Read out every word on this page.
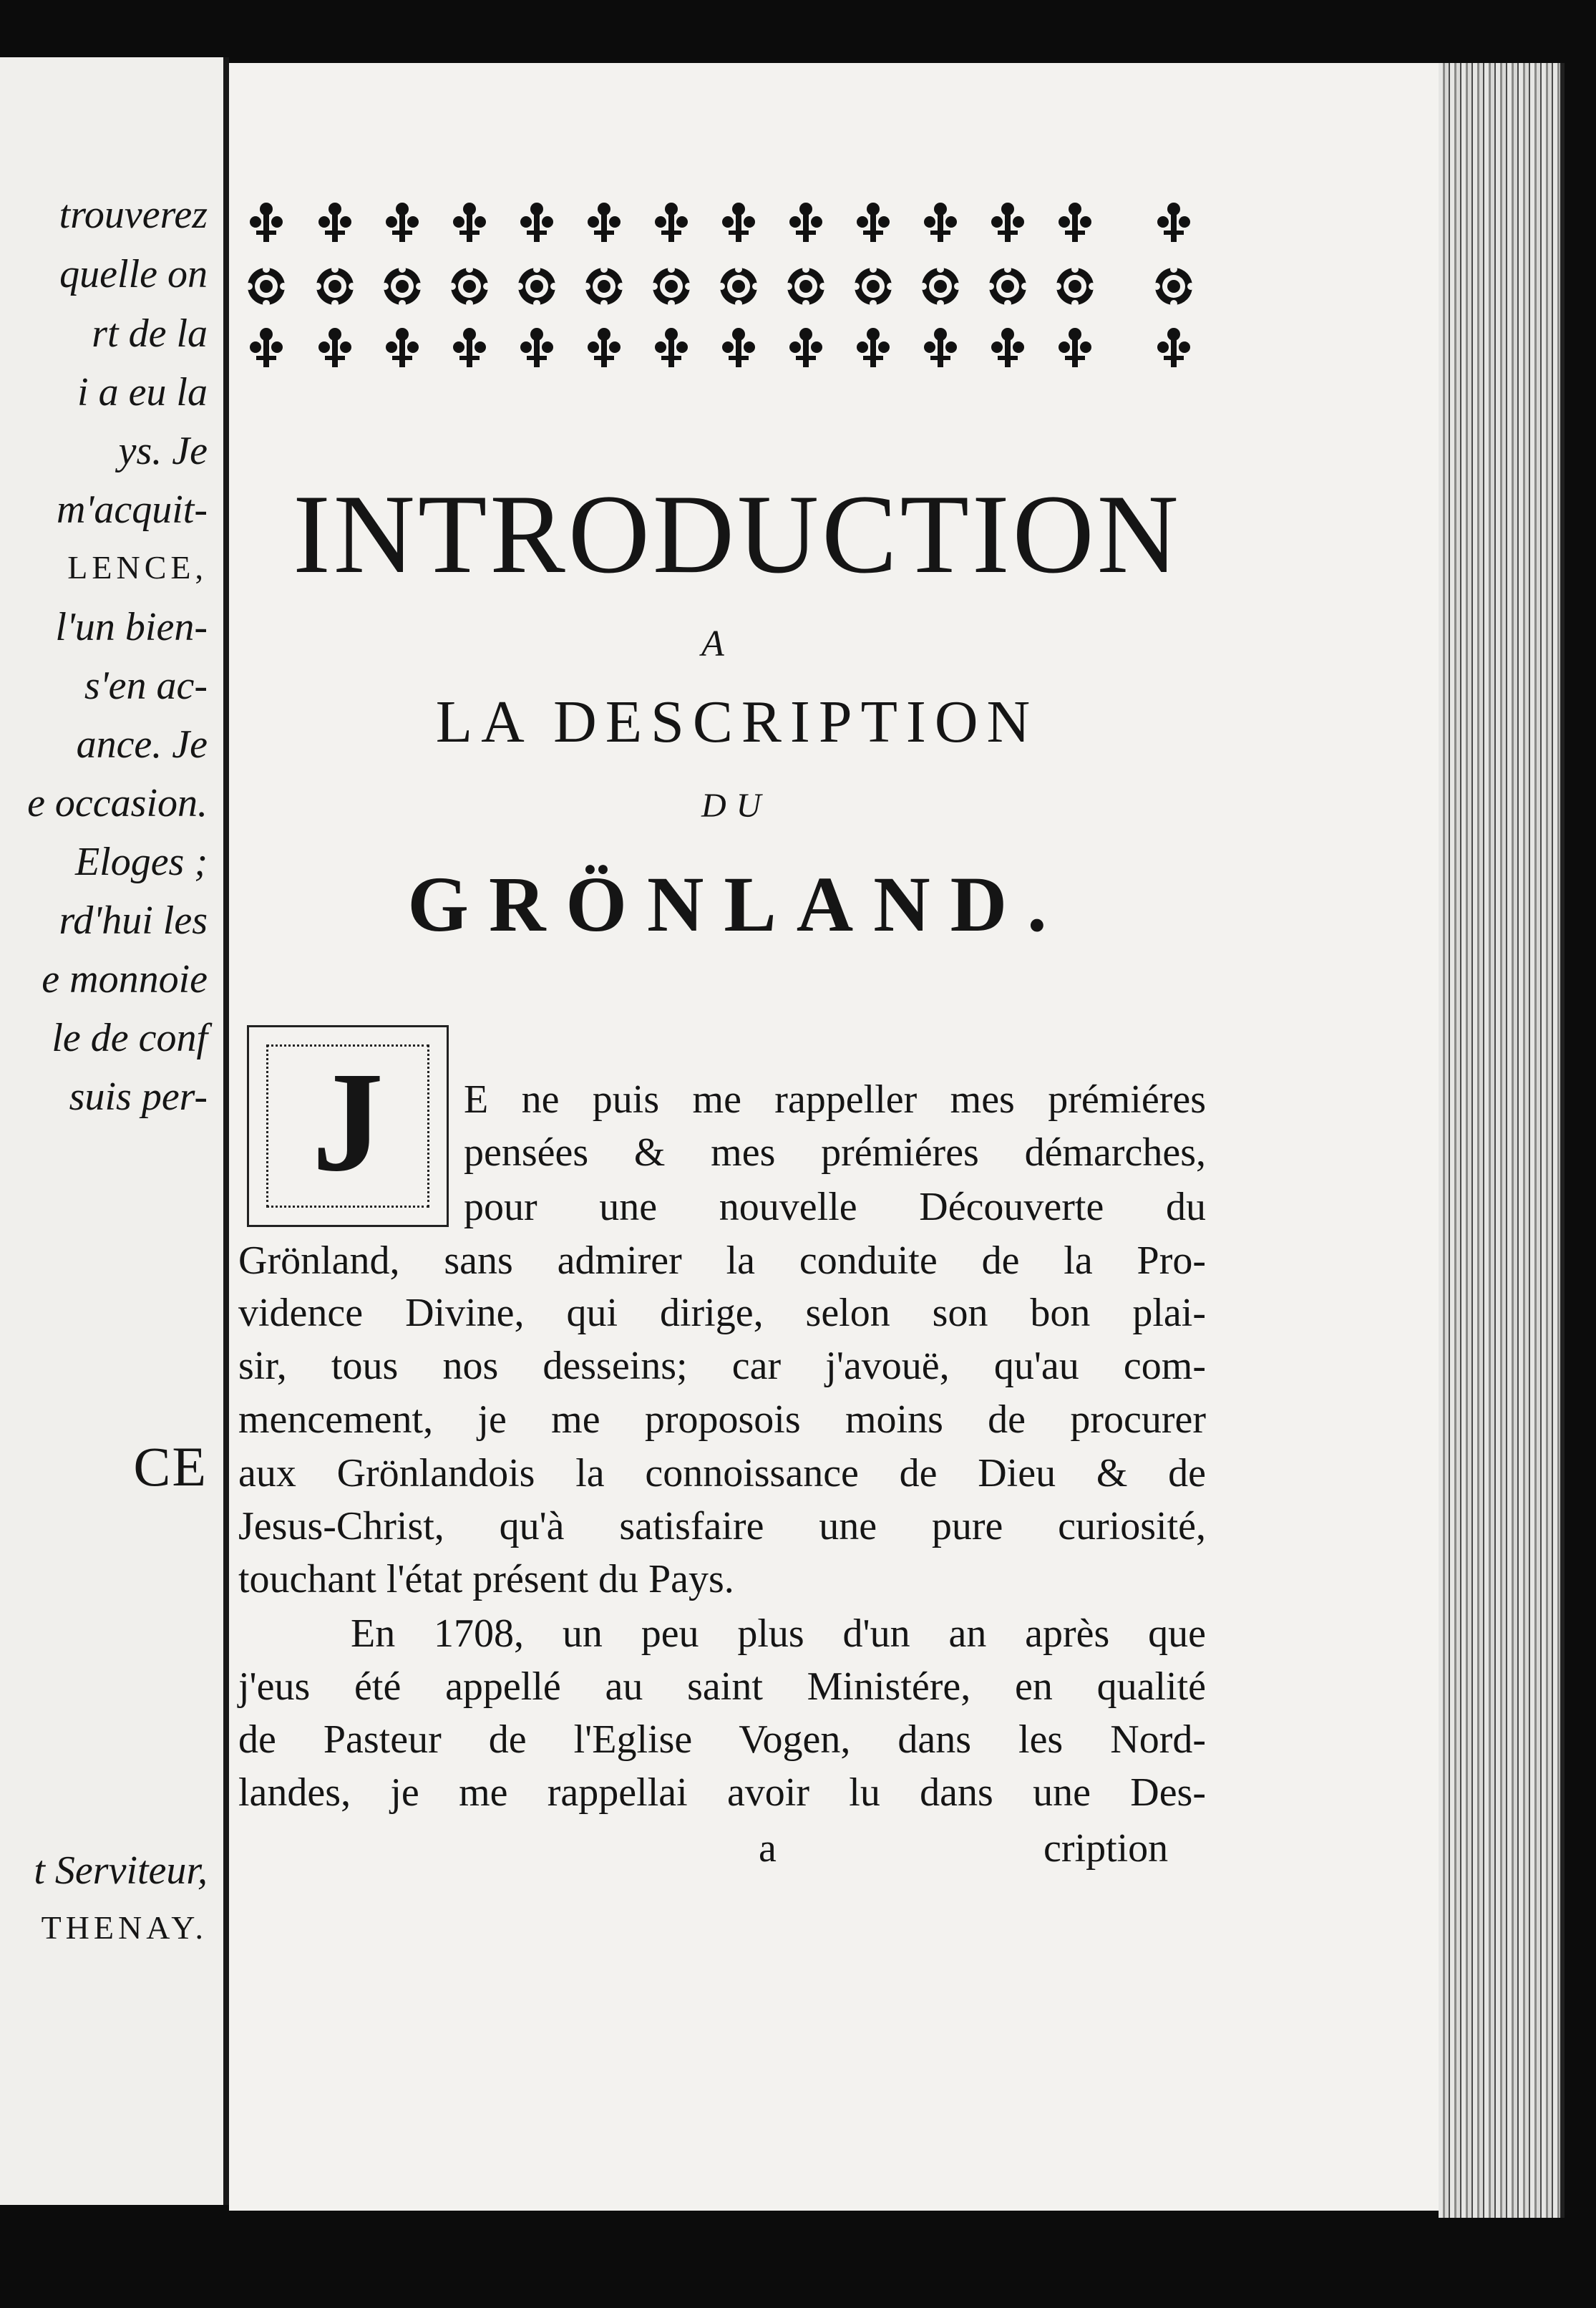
trouverez
quelle on
rt de la
i a eu la
ys. Je
m'acquit-
LENCE,
l'un bien-
s'en ac-
ance. Je
e occasion.
Eloges ;
rd'hui les
e monnoie
le de conf
suis per-
CE
t Serviteur,
THENAY.
INTRODUCTION
A
LA DESCRIPTION
DU
GRÖNLAND.
J	E ne puis me rappeller mes prémiéres
pensées & mes prémiéres démarches,
pour une nouvelle Découverte du
Grönland, sans admirer la conduite de la Pro-
vidence Divine, qui dirige, selon son bon plai-
sir, tous nos desseins; car j'avouë, qu'au com-
mencement, je me proposois moins de procurer
aux Grönlandois la connoissance de Dieu & de
Jesus-Christ, qu'à satisfaire une pure curiosité,
touchant l'état présent du Pays.
En 1708, un peu plus d'un an après que
j'eus été appellé au saint Ministére, en qualité
de Pasteur de l'Eglise Vogen, dans les Nord-
landes, je me rappellai avoir lu dans une Des-
a	cription
